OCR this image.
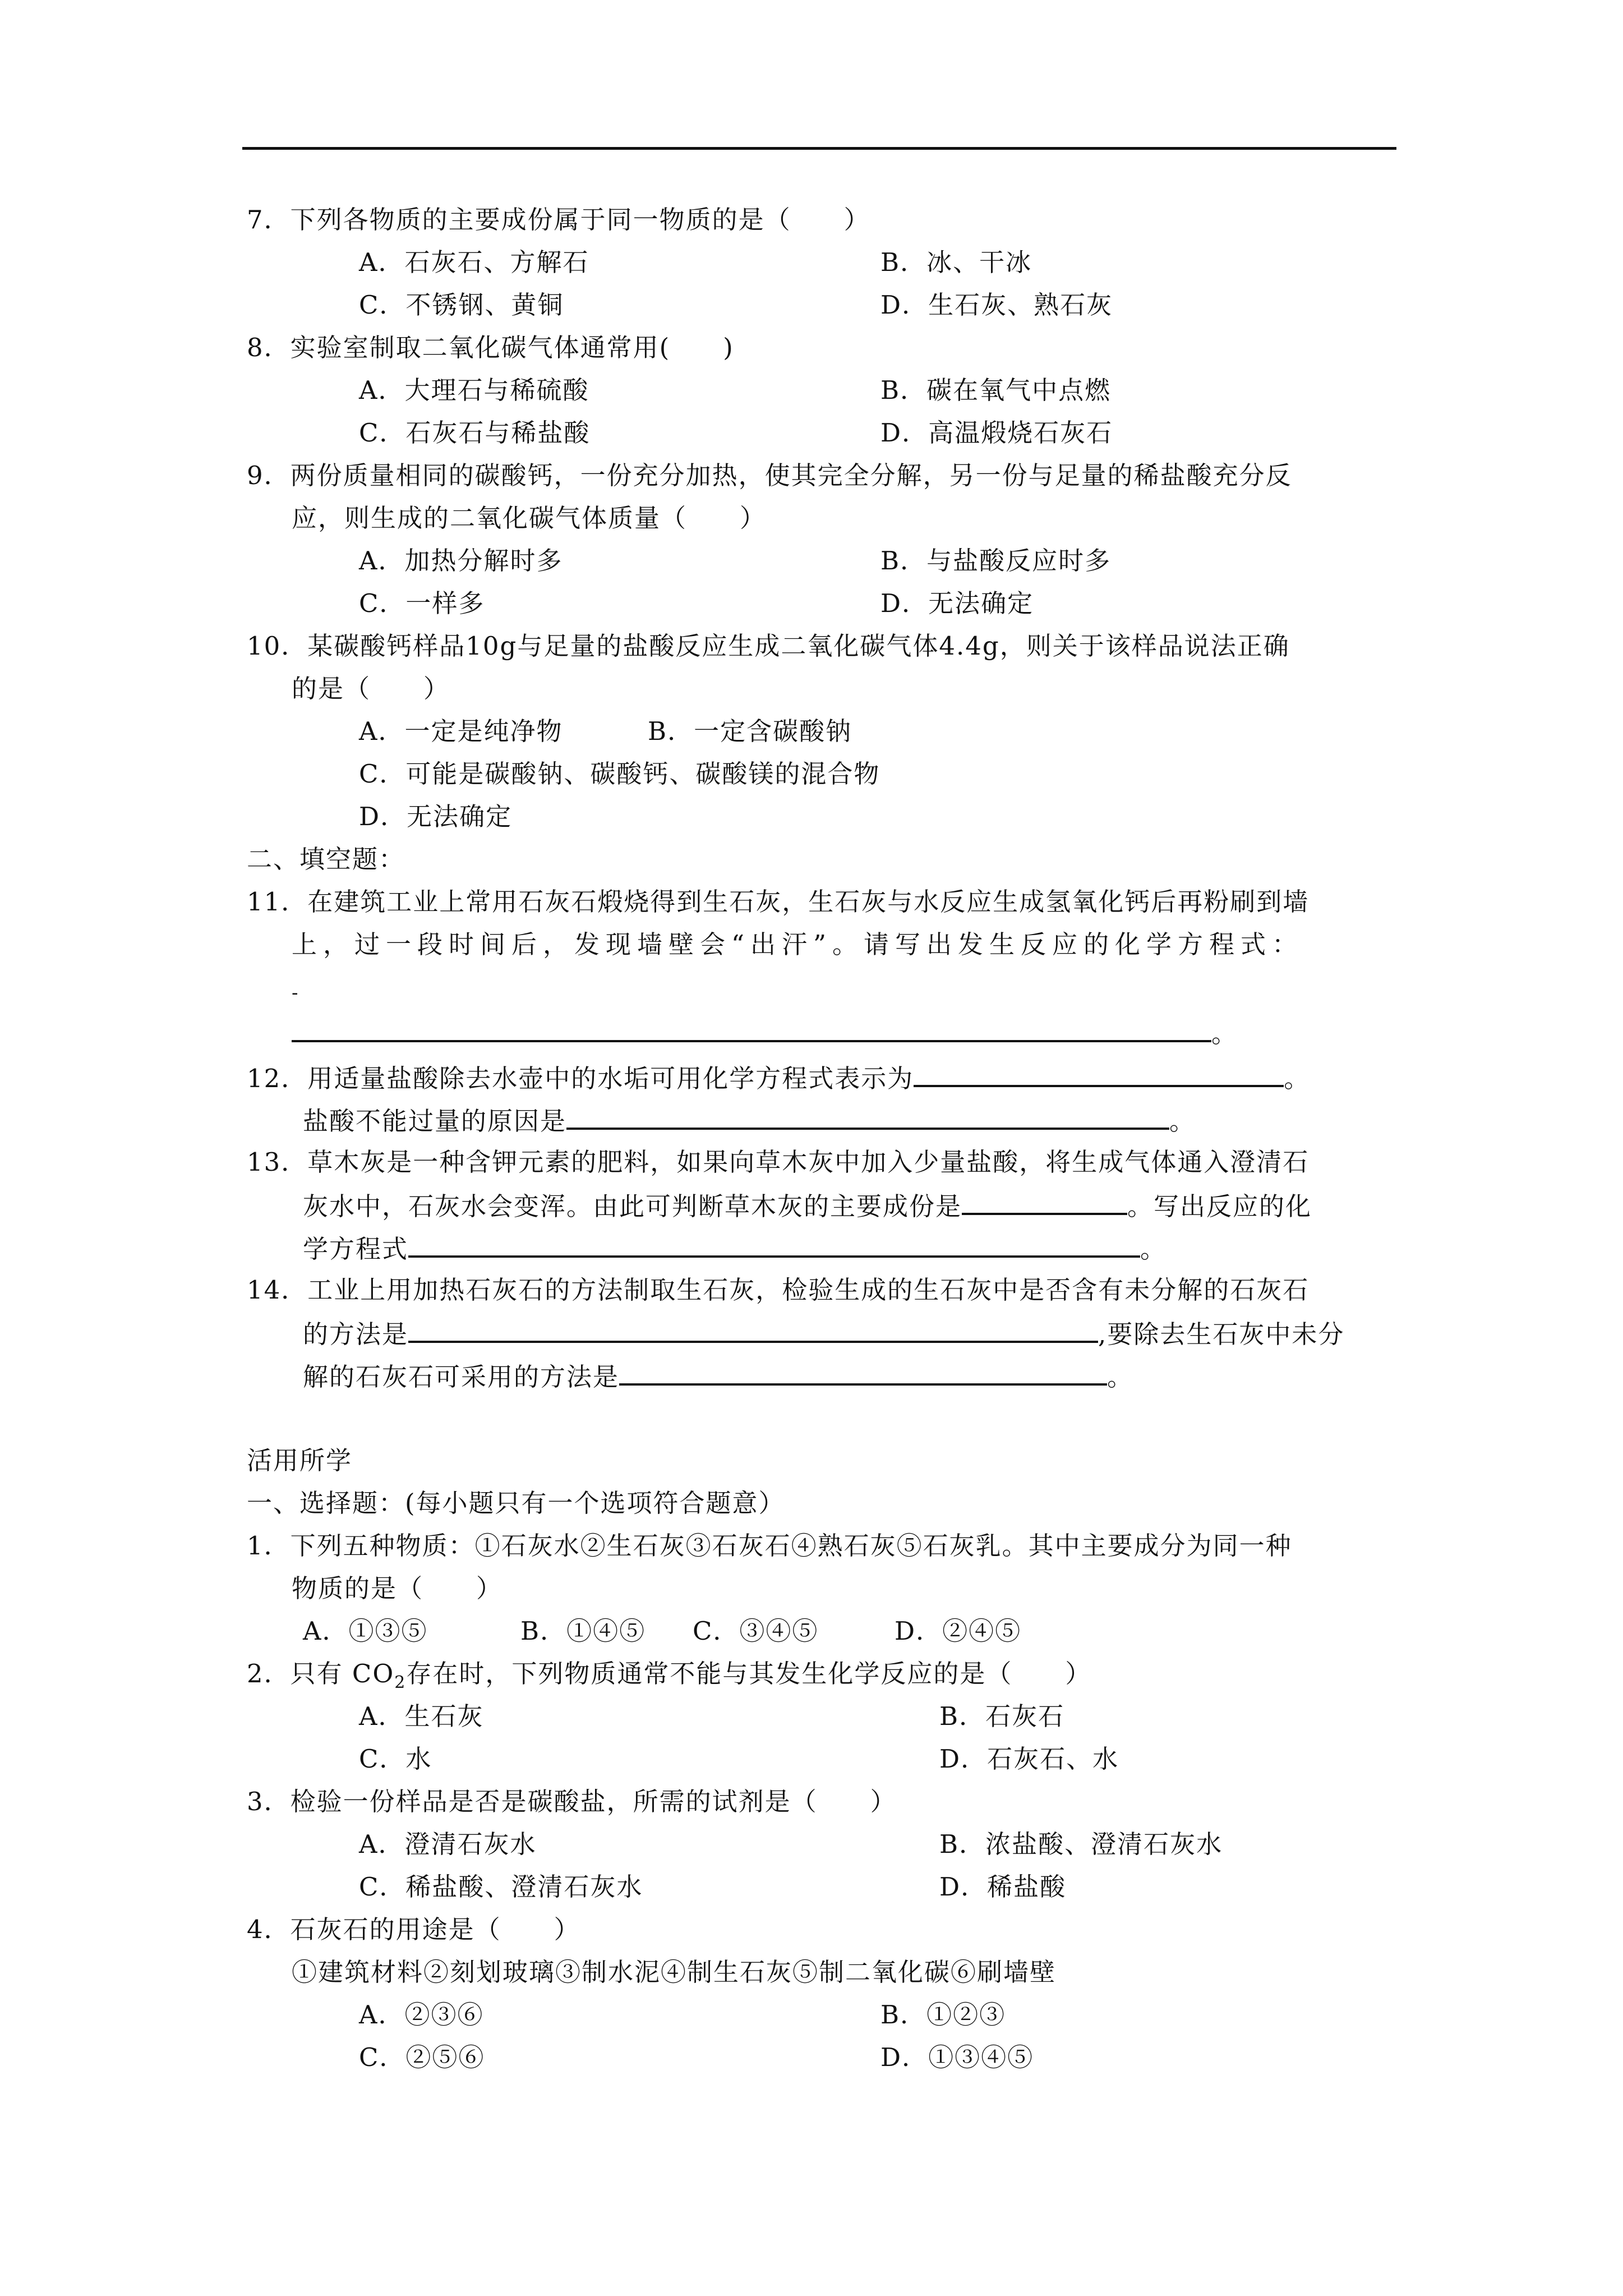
7．下列各物质的主要成份属于同一物质的是（　　）
A．石灰石、方解石	B．冰、干冰
C．不锈钢、黄铜	D．生石灰、熟石灰
8．实验室制取二氧化碳气体通常用(　　)
A．大理石与稀硫酸	B．碳在氧气中点燃
C．石灰石与稀盐酸	D．高温煅烧石灰石
9．两份质量相同的碳酸钙，一份充分加热，使其完全分解，另一份与足量的稀盐酸充分反
应，则生成的二氧化碳气体质量（　　）
A．加热分解时多	B．与盐酸反应时多
C．一样多	D．无法确定
10．某碳酸钙样品10g与足量的盐酸反应生成二氧化碳气体4.4g，则关于该样品说法正确
的是（　　）
A．一定是纯净物	B．一定含碳酸钠
C．可能是碳酸钠、碳酸钙、碳酸镁的混合物
D．无法确定
二、填空题：
11．在建筑工业上常用石灰石煅烧得到生石灰，生石灰与水反应生成氢氧化钙后再粉刷到墙
上，过一段时间后，发现墙壁会“出汗”。请写出发生反应的化学方程式：
-
。
12．用适量盐酸除去水壶中的水垢可用化学方程式表示为	。
盐酸不能过量的原因是	。
13．草木灰是一种含钾元素的肥料，如果向草木灰中加入少量盐酸，将生成气体通入澄清石
灰水中，石灰水会变浑。由此可判断草木灰的主要成份是	。写出反应的化
学方程式	。
14．工业上用加热石灰石的方法制取生石灰，检验生成的生石灰中是否含有未分解的石灰石
的方法是	,要除去生石灰中未分
解的石灰石可采用的方法是	。
活用所学
一、选择题：(每小题只有一个选项符合题意）
1．下列五种物质：①石灰水②生石灰③石灰石④熟石灰⑤石灰乳。其中主要成分为同一种
物质的是（　　）
A．①③⑤	B．①④⑤ C．③④⑤	D．②④⑤
2．只有 $CO_2$存在时，下列物质通常不能与其发生化学反应的是（　　）
A．生石灰	B．石灰石
C．水	D．石灰石、水
3．检验一份样品是否是碳酸盐，所需的试剂是（　　）
A．澄清石灰水	B．浓盐酸、澄清石灰水
C．稀盐酸、澄清石灰水	D．稀盐酸
4．石灰石的用途是（　　）
①建筑材料②刻划玻璃③制水泥④制生石灰⑤制二氧化碳⑥刷墙壁
A．②③⑥	B．①②③
C．②⑤⑥	D．①③④⑤
